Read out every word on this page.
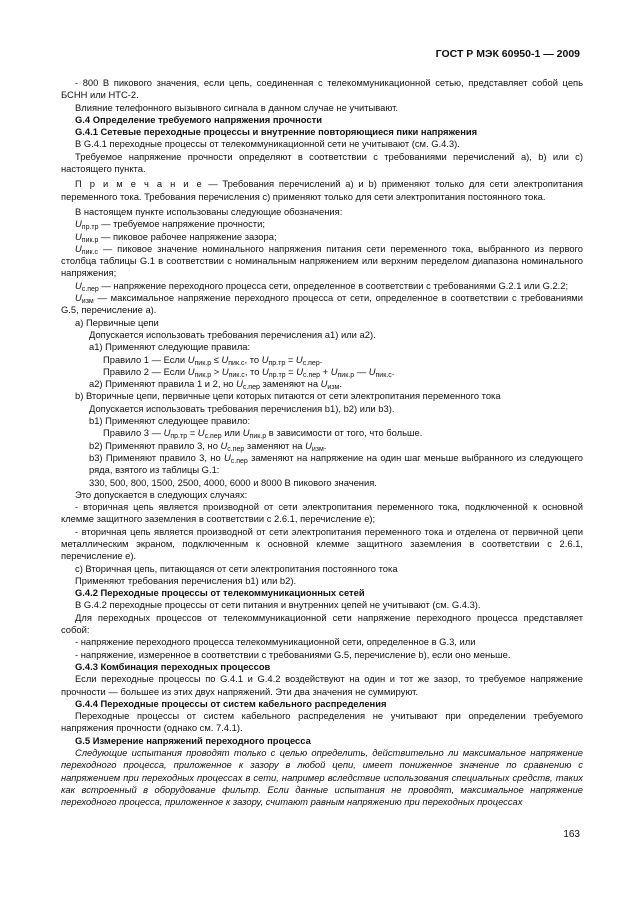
ГОСТ Р МЭК 60950-1 — 2009

- 800 В пикового значения, если цепь, соединенная с телекоммуникационной сетью, представляет собой цепь БСНН или НТС-2.

Влияние телефонного вызывного сигнала в данном случае не учитывают.

G.4 Определение требуемого напряжения прочности

G.4.1 Сетевые переходные процессы и внутренние повторяющиеся пики напряжения

В G.4.1 переходные процессы от телекоммуникационной сети не учитывают (см. G.4.3).

Требуемое напряжение прочности определяют в соответствии с требованиями перечислений а), b) или с) настоящего пункта.

П р и м е ч а н и е — Требования перечислений а) и b) применяют только для сети электропитания переменного тока. Требования перечисления с) применяют только для сети электропитания постоянного тока.

В настоящем пункте использованы следующие обозначения:

$U_{пр.тр}$ — требуемое напряжение прочности;

$U_{пик.р}$ — пиковое рабочее напряжение зазора;

$U_{пик.с}$ — пиковое значение номинального напряжения питания сети переменного тока, выбранного из первого столбца таблицы G.1 в соответствии с номинальным напряжением или верхним переделом диапазона номинального напряжения;

$U_{с.пер}$ — напряжение переходного процесса сети, определенное в соответствии с требованиями G.2.1 или G.2.2;

$U_{изм}$ — максимальное напряжение переходного процесса от сети, определенное в соответствии с требованиями G.5, перечисление а).

а) Первичные цепи

Допускается использовать требования перечисления а1) или а2).

а1) Применяют следующие правила:

Правило 1 — Если $U_{пик.р} \le U_{пик.с}$, то $U_{пр.тр} = U_{с.пер}$.

Правило 2 — Если $U_{пик.р} > U_{пик.с}$, то $U_{пр.тр} = U_{с.пер} + U_{пик.р}$ — $U_{пик.с}$.

а2) Применяют правила 1 и 2, но $U_{с.пер}$ заменяют на $U_{изм}$.

b) Вторичные цепи, первичные цепи которых питаются от сети электропитания переменного тока

Допускается использовать требования перечисления b1), b2) или b3).

b1) Применяют следующее правило:

Правило 3 — $U_{пр.тр} = U_{с.пер}$ или $U_{пик.р}$ в зависимости от того, что больше.

b2) Применяют правило 3, но $U_{с.пер}$ заменяют на $U_{изм}$.

b3) Применяют правило 3, но $U_{с.пер}$ заменяют на напряжение на один шаг меньше выбранного из следующего ряда, взятого из таблицы G.1:

330, 500, 800, 1500, 2500, 4000, 6000 и 8000 В пикового значения.

Это допускается в следующих случаях:

- вторичная цепь является производной от сети электропитания переменного тока, подключенной к основной клемме защитного заземления в соответствии с 2.6.1, перечисление е);

- вторичная цепь является производной от сети электропитания переменного тока и отделена от первичной цепи металлическим экраном, подключенным к основной клемме защитного заземления в соответствии с 2.6.1, перечисление е).

с) Вторичная цепь, питающаяся от сети электропитания постоянного тока

Применяют требования перечисления b1) или b2).

G.4.2 Переходные процессы от телекоммуникационных сетей

В G.4.2 переходные процессы от сети питания и внутренних цепей не учитывают (см. G.4.3).

Для переходных процессов от телекоммуникационной сети напряжение переходного процесса представляет собой:

- напряжение переходного процесса телекоммуникационной сети, определенное в G.3, или

- напряжение, измеренное в соответствии с требованиями G.5, перечисление b), если оно меньше.

G.4.3 Комбинация переходных процессов

Если переходные процессы по G.4.1 и G.4.2 воздействуют на один и тот же зазор, то требуемое напряжение прочности — большее из этих двух напряжений. Эти два значения не суммируют.

G.4.4 Переходные процессы от систем кабельного распределения

Переходные процессы от систем кабельного распределения не учитывают при определении требуемого напряжения прочности (однако см. 7.4.1).

G.5 Измерение напряжений переходного процесса

Следующие испытания проводят только с целью определить, действительно ли максимальное напряжение переходного процесса, приложенное к зазору в любой цепи, имеет пониженное значение по сравнению с напряжением при переходных процессах в сети, например вследствие использования специальных средств, таких как встроенный в оборудование фильтр. Если данные испытания не проводят, максимальное напряжение переходного процесса, приложенное к зазору, считают равным напряжению при переходных процессах

163
